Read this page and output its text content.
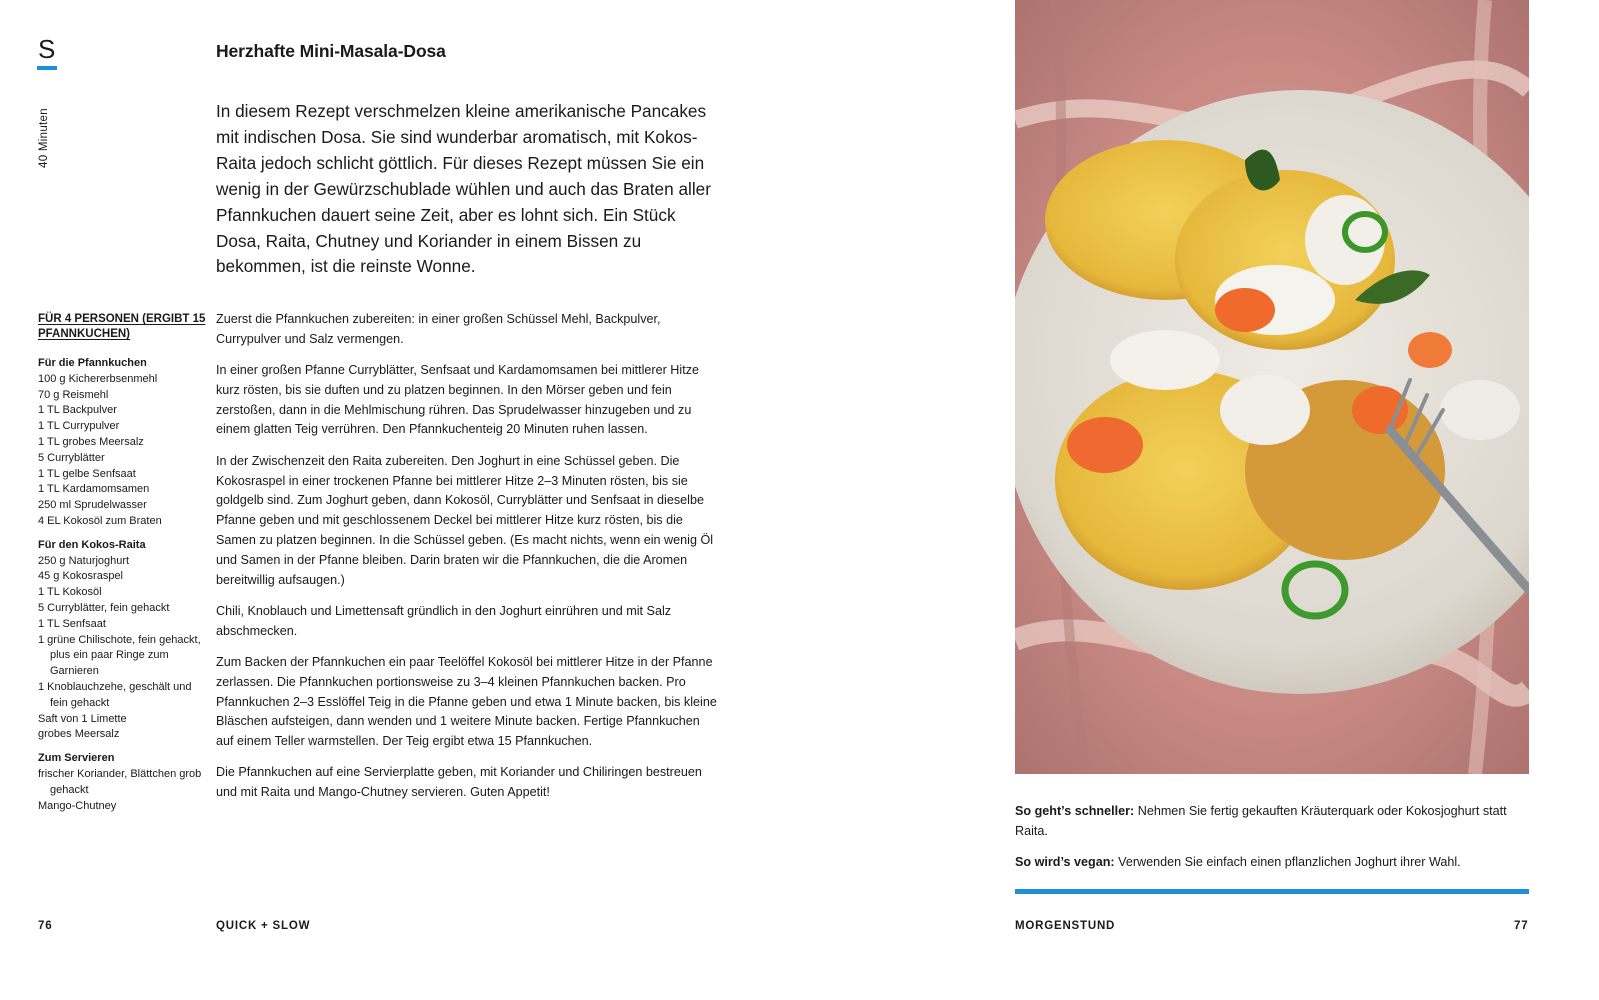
S
40 Minuten
Herzhafte Mini-Masala-Dosa
In diesem Rezept verschmelzen kleine amerikanische Pancakes mit indischen Dosa. Sie sind wunderbar aromatisch, mit Kokos-Raita jedoch schlicht göttlich. Für dieses Rezept müssen Sie ein wenig in der Gewürzschublade wühlen und auch das Braten aller Pfannkuchen dauert seine Zeit, aber es lohnt sich. Ein Stück Dosa, Raita, Chutney und Koriander in einem Bissen zu bekommen, ist die reinste Wonne.
FÜR 4 PERSONEN (ERGIBT 15 PFANNKUCHEN)
Für die Pfannkuchen
100 g Kichererbsenmehl
70 g Reismehl
1 TL Backpulver
1 TL Currypulver
1 TL grobes Meersalz
5 Curryblätter
1 TL gelbe Senfsaat
1 TL Kardamomsamen
250 ml Sprudelwasser
4 EL Kokosöl zum Braten
Für den Kokos-Raita
250 g Naturjoghurt
45 g Kokosraspel
1 TL Kokosöl
5 Curryblätter, fein gehackt
1 TL Senfsaat
1 grüne Chilischote, fein gehackt, plus ein paar Ringe zum Garnieren
1 Knoblauchzehe, geschält und fein gehackt
Saft von 1 Limette
grobes Meersalz
Zum Servieren
frischer Koriander, Blättchen grob gehackt
Mango-Chutney

Zuerst die Pfannkuchen zubereiten: in einer großen Schüssel Mehl, Backpulver, Currypulver und Salz vermengen.

In einer großen Pfanne Curryblätter, Senfsaat und Kardamomsamen bei mittlerer Hitze kurz rösten, bis sie duften und zu platzen beginnen. In den Mörser geben und fein zerstoßen, dann in die Mehlmischung rühren. Das Sprudelwasser hinzugeben und zu einem glatten Teig verrühren. Den Pfannkuchenteig 20 Minuten ruhen lassen.

In der Zwischenzeit den Raita zubereiten. Den Joghurt in eine Schüssel geben. Die Kokosraspel in einer trockenen Pfanne bei mittlerer Hitze 2–3 Minuten rösten, bis sie goldgelb sind. Zum Joghurt geben, dann Kokosöl, Curryblätter und Senfsaat in dieselbe Pfanne geben und mit geschlossenem Deckel bei mittlerer Hitze kurz rösten, bis die Samen zu platzen beginnen. In die Schüssel geben. (Es macht nichts, wenn ein wenig Öl und Samen in der Pfanne bleiben. Darin braten wir die Pfannkuchen, die die Aromen bereitwillig aufsaugen.)

Chili, Knoblauch und Limettensaft gründlich in den Joghurt einrühren und mit Salz abschmecken.

Zum Backen der Pfannkuchen ein paar Teelöffel Kokosöl bei mittlerer Hitze in der Pfanne zerlassen. Die Pfannkuchen portionsweise zu 3–4 kleinen Pfannkuchen backen. Pro Pfannkuchen 2–3 Esslöffel Teig in die Pfanne geben und etwa 1 Minute backen, bis kleine Bläschen aufsteigen, dann wenden und 1 weitere Minute backen. Fertige Pfannkuchen auf einem Teller warmstellen. Der Teig ergibt etwa 15 Pfannkuchen.

Die Pfannkuchen auf eine Servierplatte geben, mit Koriander und Chiliringen bestreuen und mit Raita und Mango-Chutney servieren. Guten Appetit!

76	QUICK + SLOW

So geht’s schneller: Nehmen Sie fertig gekauften Kräuterquark oder Kokosjoghurt statt Raita.

So wird’s vegan: Verwenden Sie einfach einen pflanzlichen Joghurt ihrer Wahl.

MORGENSTUND	77
